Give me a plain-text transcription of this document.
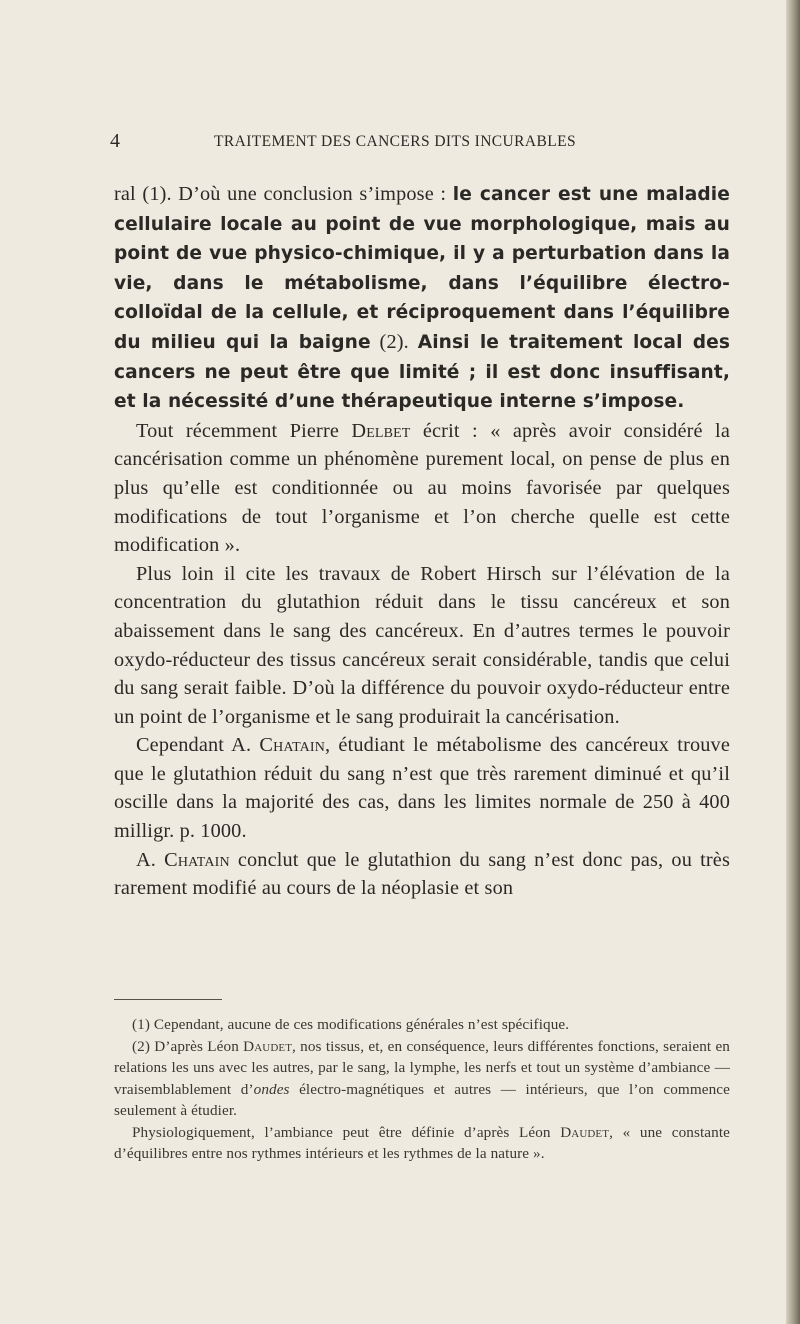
4	TRAITEMENT DES CANCERS DITS INCURABLES

ral (1). D’où une conclusion s’impose : le cancer est une maladie cellulaire locale au point de vue morphologique, mais au point de vue physico-chimique, il y a perturbation dans la vie, dans le métabolisme, dans l’équilibre électro-colloïdal de la cellule, et réciproquement dans l’équilibre du milieu qui la baigne (2). Ainsi le traitement local des cancers ne peut être que limité ; il est donc insuffisant, et la nécessité d’une thérapeutique interne s’impose.

Tout récemment Pierre Delbet écrit : « après avoir considéré la cancérisation comme un phénomène purement local, on pense de plus en plus qu’elle est conditionnée ou au moins favorisée par quelques modifications de tout l’organisme et l’on cherche quelle est cette modification ».

Plus loin il cite les travaux de Robert Hirsch sur l’élévation de la concentration du glutathion réduit dans le tissu cancéreux et son abaissement dans le sang des cancéreux. En d’autres termes le pouvoir oxydo-réducteur des tissus cancéreux serait considérable, tandis que celui du sang serait faible. D’où la différence du pouvoir oxydo-réducteur entre un point de l’organisme et le sang produirait la cancérisation.

Cependant A. Chatain, étudiant le métabolisme des cancéreux trouve que le glutathion réduit du sang n’est que très rarement diminué et qu’il oscille dans la majorité des cas, dans les limites normale de 250 à 400 milligr. p. 1000.

A. Chatain conclut que le glutathion du sang n’est donc pas, ou très rarement modifié au cours de la néoplasie et son

(1) Cependant, aucune de ces modifications générales n’est spécifique.

(2) D’après Léon Daudet, nos tissus, et, en conséquence, leurs différentes fonctions, seraient en relations les uns avec les autres, par le sang, la lymphe, les nerfs et tout un système d’ambiance — vraisemblablement d’ondes électro-magnétiques et autres — intérieurs, que l’on commence seulement à étudier.

Physiologiquement, l’ambiance peut être définie d’après Léon Daudet, « une constante d’équilibres entre nos rythmes intérieurs et les rythmes de la nature ».
